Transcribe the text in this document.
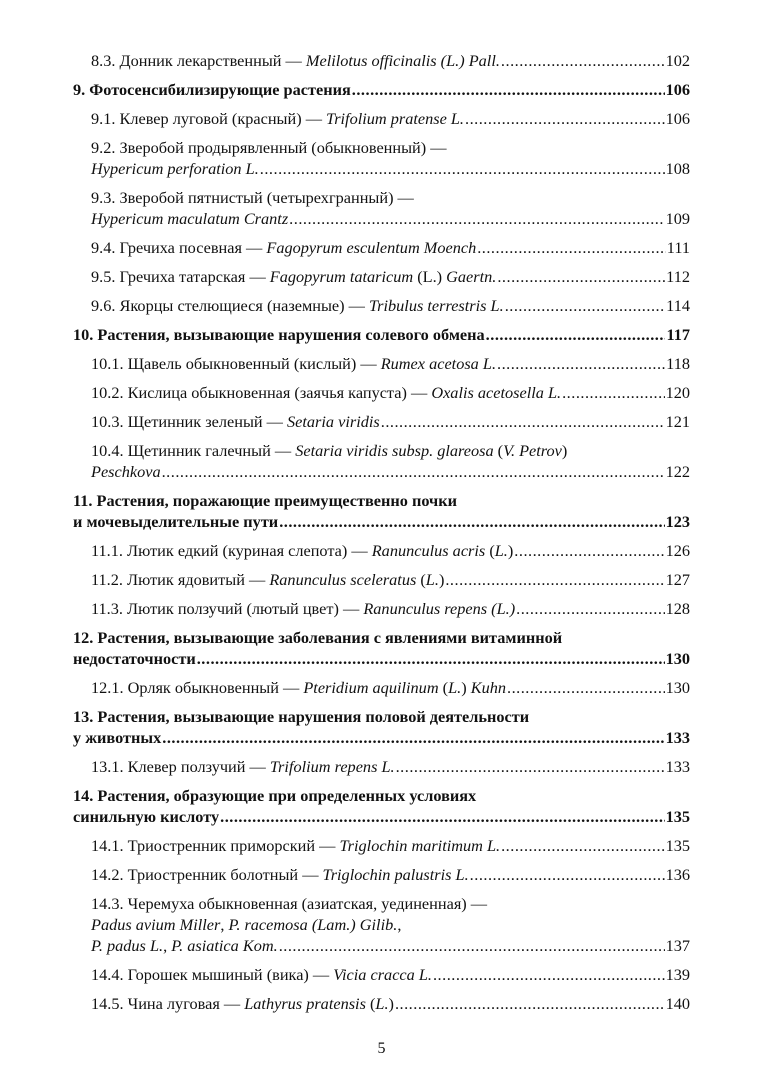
8.3. Донник лекарственный — Melilotus officinalis (L.) Pall. .....	102
9. Фотосенсибилизирующие растения .....	106
9.1. Клевер луговой (красный) — Trifolium pratense L. .....	106
9.2. Зверобой продырявленный (обыкновенный) —
Hypericum perforation L. .....	108
9.3. Зверобой пятнистый (четырехгранный) —
Hypericum maculatum Crantz .....	109
9.4. Гречиха посевная — Fagopyrum esculentum Moench .....	111
9.5. Гречиха татарская — Fagopyrum tataricum (L.) Gaertn. .....	112
9.6. Якорцы стелющиеся (наземные) — Tribulus terrestris L. .....	114
10. Растения, вызывающие нарушения солевого обмена .....	117
10.1. Щавель обыкновенный (кислый) — Rumex acetosa L. .....	118
10.2. Кислица обыкновенная (заячья капуста) — Oxalis acetosella L. .....	120
10.3. Щетинник зеленый — Setaria viridis .....	121
10.4. Щетинник галечный — Setaria viridis subsp. glareosa (V. Petrov)
Peschkova .....	122
11. Растения, поражающие преимущественно почки
и мочевыделительные пути .....	123
11.1. Лютик едкий (куриная слепота) — Ranunculus acris (L.) .....	126
11.2. Лютик ядовитый — Ranunculus sceleratus (L.) .....	127
11.3. Лютик ползучий (лютый цвет) — Ranunculus repens (L.) .....	128
12. Растения, вызывающие заболевания с явлениями витаминной
недостаточности .....	130
12.1. Орляк обыкновенный — Pteridium aquilinum (L.) Kuhn .....	130
13. Растения, вызывающие нарушения половой деятельности
у животных .....	133
13.1. Клевер ползучий — Trifolium repens L. .....	133
14. Растения, образующие при определенных условиях
синильную кислоту .....	135
14.1. Триостренник приморский — Triglochin maritimum L. .....	135
14.2. Триостренник болотный — Triglochin palustris L. .....	136
14.3. Черемуха обыкновенная (азиатская, уединенная) —
Padus avium Miller, P. racemosa (Lam.) Gilib.,
P. padus L., P. asiatica Kom. .....	137
14.4. Горошек мышиный (вика) — Vicia cracca L. .....	139
14.5. Чина луговая — Lathyrus pratensis (L.) .....	140
5
